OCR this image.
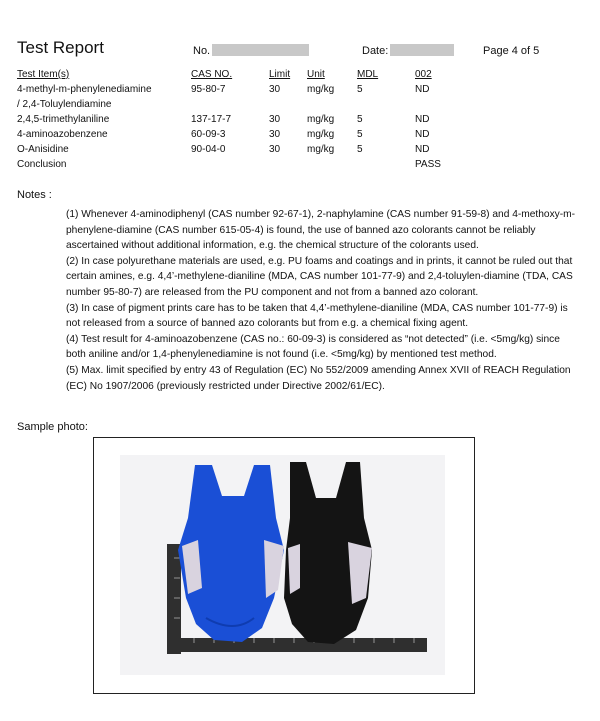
Test Report	No.	Date:	Page 4 of 5
Test Item(s)	CAS NO.	Limit	Unit	MDL	002
4-methyl-m-phenylenediamine	95-80-7	30	mg/kg	5	ND
/ 2,4-Toluylendiamine					
2,4,5-trimethylaniline	137-17-7	30	mg/kg	5	ND
4-aminoazobenzene	60-09-3	30	mg/kg	5	ND
O-Anisidine	90-04-0	30	mg/kg	5	ND
Conclusion					PASS
Notes :

(1) Whenever 4-aminodiphenyl (CAS number 92-67-1), 2-naphylamine (CAS number 91-59-8) and 4-methoxy-m-phenylene-diamine (CAS number 615-05-4) is found, the use of banned azo colorants cannot be reliably ascertained without additional information, e.g. the chemical structure of the colorants used.

(2) In case polyurethane materials are used, e.g. PU foams and coatings and in prints, it cannot be ruled out that certain amines, e.g. 4,4’-methylene-dianiline (MDA, CAS number 101-77-9) and 2,4-toluylen-diamine (TDA, CAS number 95-80-7) are released from the PU component and not from a banned azo colorant.

(3) In case of pigment prints care has to be taken that 4,4’-methylene-dianiline (MDA, CAS number 101-77-9) is not released from a source of banned azo colorants but from e.g. a chemical fixing agent.

(4) Test result for 4-aminoazobenzene (CAS no.: 60-09-3) is considered as “not detected” (i.e. <5mg/kg) since both aniline and/or 1,4-phenylenediamine is not found (i.e. <5mg/kg) by mentioned test method.

(5) Max. limit specified by entry 43 of Regulation (EC) No 552/2009 amending Annex XVII of REACH Regulation (EC) No 1907/2006 (previously restricted under Directive 2002/61/EC).

Sample photo:
